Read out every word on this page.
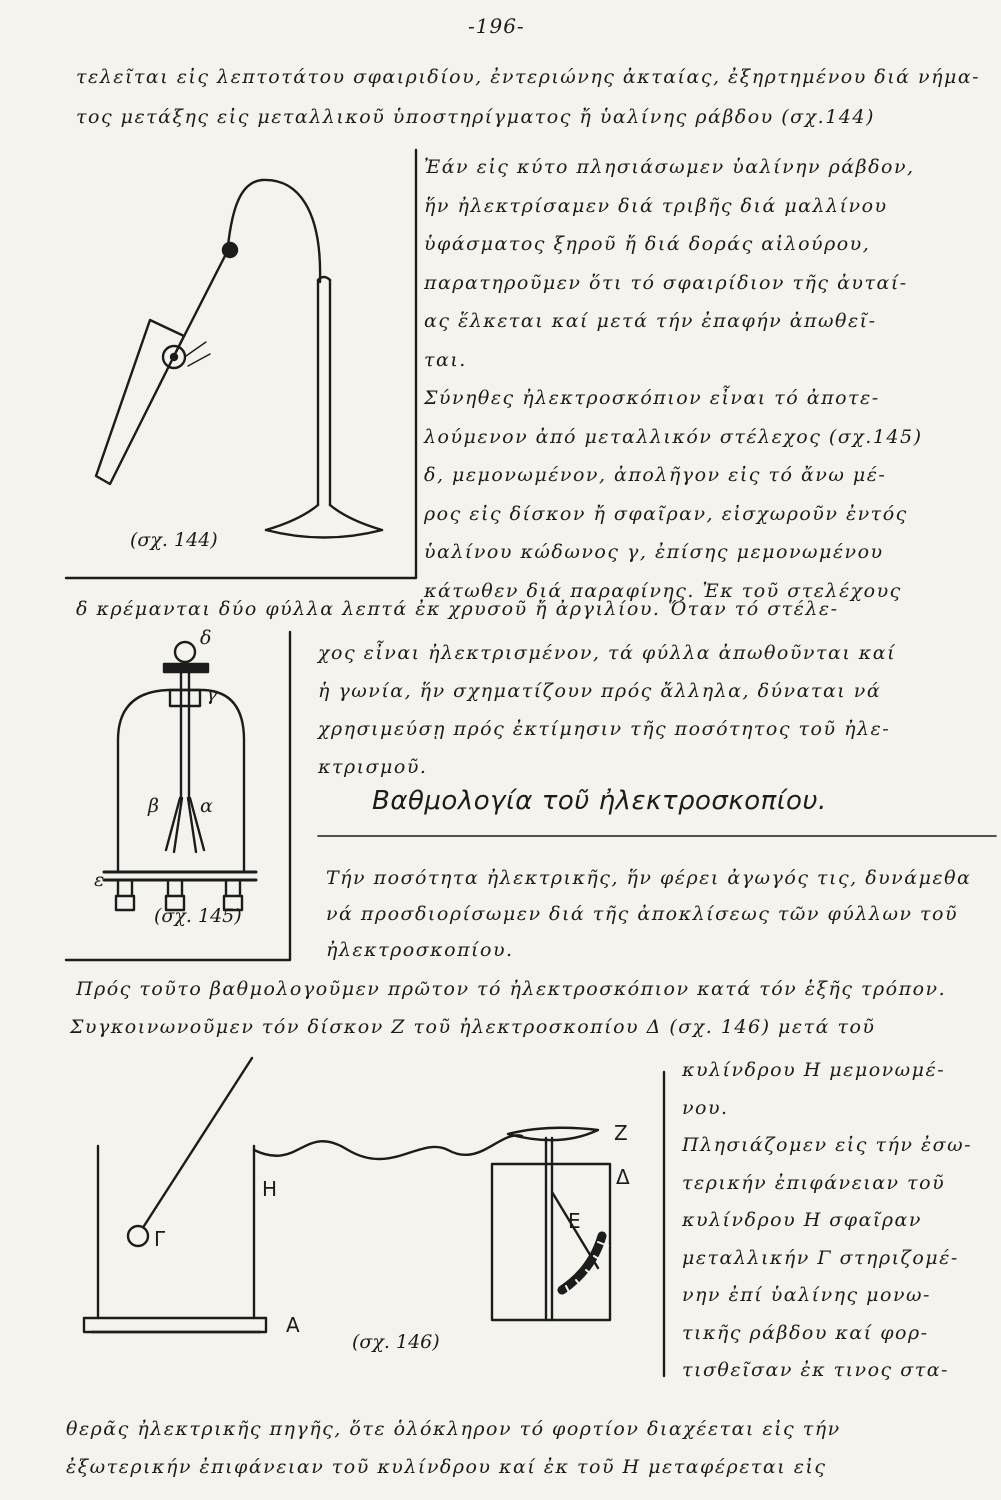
-196-
τελεῖται εἰς λεπτοτάτου σφαιριδίου, ἐντεριώνης ἀκταίας, ἐξηρτημένου διά νήμα-
τος μετάξης εἰς μεταλλικοῦ ὑποστηρίγματος ἤ ὑαλίνης ράβδου (σχ.144)
Ἐάν εἰς κύτο πλησιάσωμεν ὑαλίνην ράβδον,
ἥν ἠλεκτρίσαμεν διά τριβῆς διά μαλλίνου
ὑφάσματος ξηροῦ ἤ διά δοράς αἰλούρου,
παρατηροῦμεν ὅτι τό σφαιρίδιον τῆς ἀυταί-
ας ἕλκεται καί μετά τήν ἐπαφήν ἀπωθεῖ-
ται.
Σύνηθες ἠλεκτροσκόπιον εἶναι τό ἀποτε-
λούμενον ἀπό μεταλλικόν στέλεχος (σχ.145)
δ, μεμονωμένον, ἀπολῆγον εἰς τό ἄνω μέ-
ρος εἰς δίσκον ἤ σφαῖραν, εἰσχωροῦν ἐντός
ὑαλίνου κώδωνος γ, ἐπίσης μεμονωμένου
κάτωθεν διά παραφίνης. Ἐκ τοῦ στελέχους
δ κρέμανται δύο φύλλα λεπτά ἐκ χρυσοῦ ἤ ἀργιλίου. Ὅταν τό στέλε-
χος εἶναι ἠλεκτρισμένον, τά φύλλα ἀπωθοῦνται καί
ἡ γωνία, ἥν σχηματίζουν πρός ἄλληλα, δύναται νά
χρησιμεύσῃ πρός ἐκτίμησιν τῆς ποσότητος τοῦ ἠλε-
κτρισμοῦ.
Βαθμολογία τοῦ ἠλεκτροσκοπίου.
Τήν ποσότητα ἠλεκτρικῆς, ἥν φέρει ἀγωγός τις, δυνάμεθα
νά προσδιορίσωμεν διά τῆς ἀποκλίσεως τῶν φύλλων τοῦ
ἠλεκτροσκοπίου.
Πρός τοῦτο βαθμολογοῦμεν πρῶτον τό ἠλεκτροσκόπιον κατά τόν ἑξῆς τρόπον.
Συγκοινωνοῦμεν τόν δίσκον Ζ τοῦ ἠλεκτροσκοπίου Δ (σχ. 146) μετά τοῦ
κυλίνδρου Η μεμονωμέ-
νου.
Πλησιάζομεν εἰς τήν ἐσω-
τερικήν ἐπιφάνειαν τοῦ
κυλίνδρου Η σφαῖραν
μεταλλικήν Γ στηριζομέ-
νην ἐπί ὑαλίνης μονω-
τικῆς ράβδου καί φορ-
τισθεῖσαν ἐκ τινος στα-
θερᾶς ἠλεκτρικῆς πηγῆς, ὅτε ὁλόκληρον τό φορτίον διαχέεται εἰς τήν
ἐξωτερικήν ἐπιφάνειαν τοῦ κυλίνδρου καί ἐκ τοῦ Η μεταφέρεται εἰς
(σχ. 144)
(σχ. 145)
(σχ. 146)
δ
γ
β α
ε
Γ
Η
Α
Ζ
Δ
Ε
